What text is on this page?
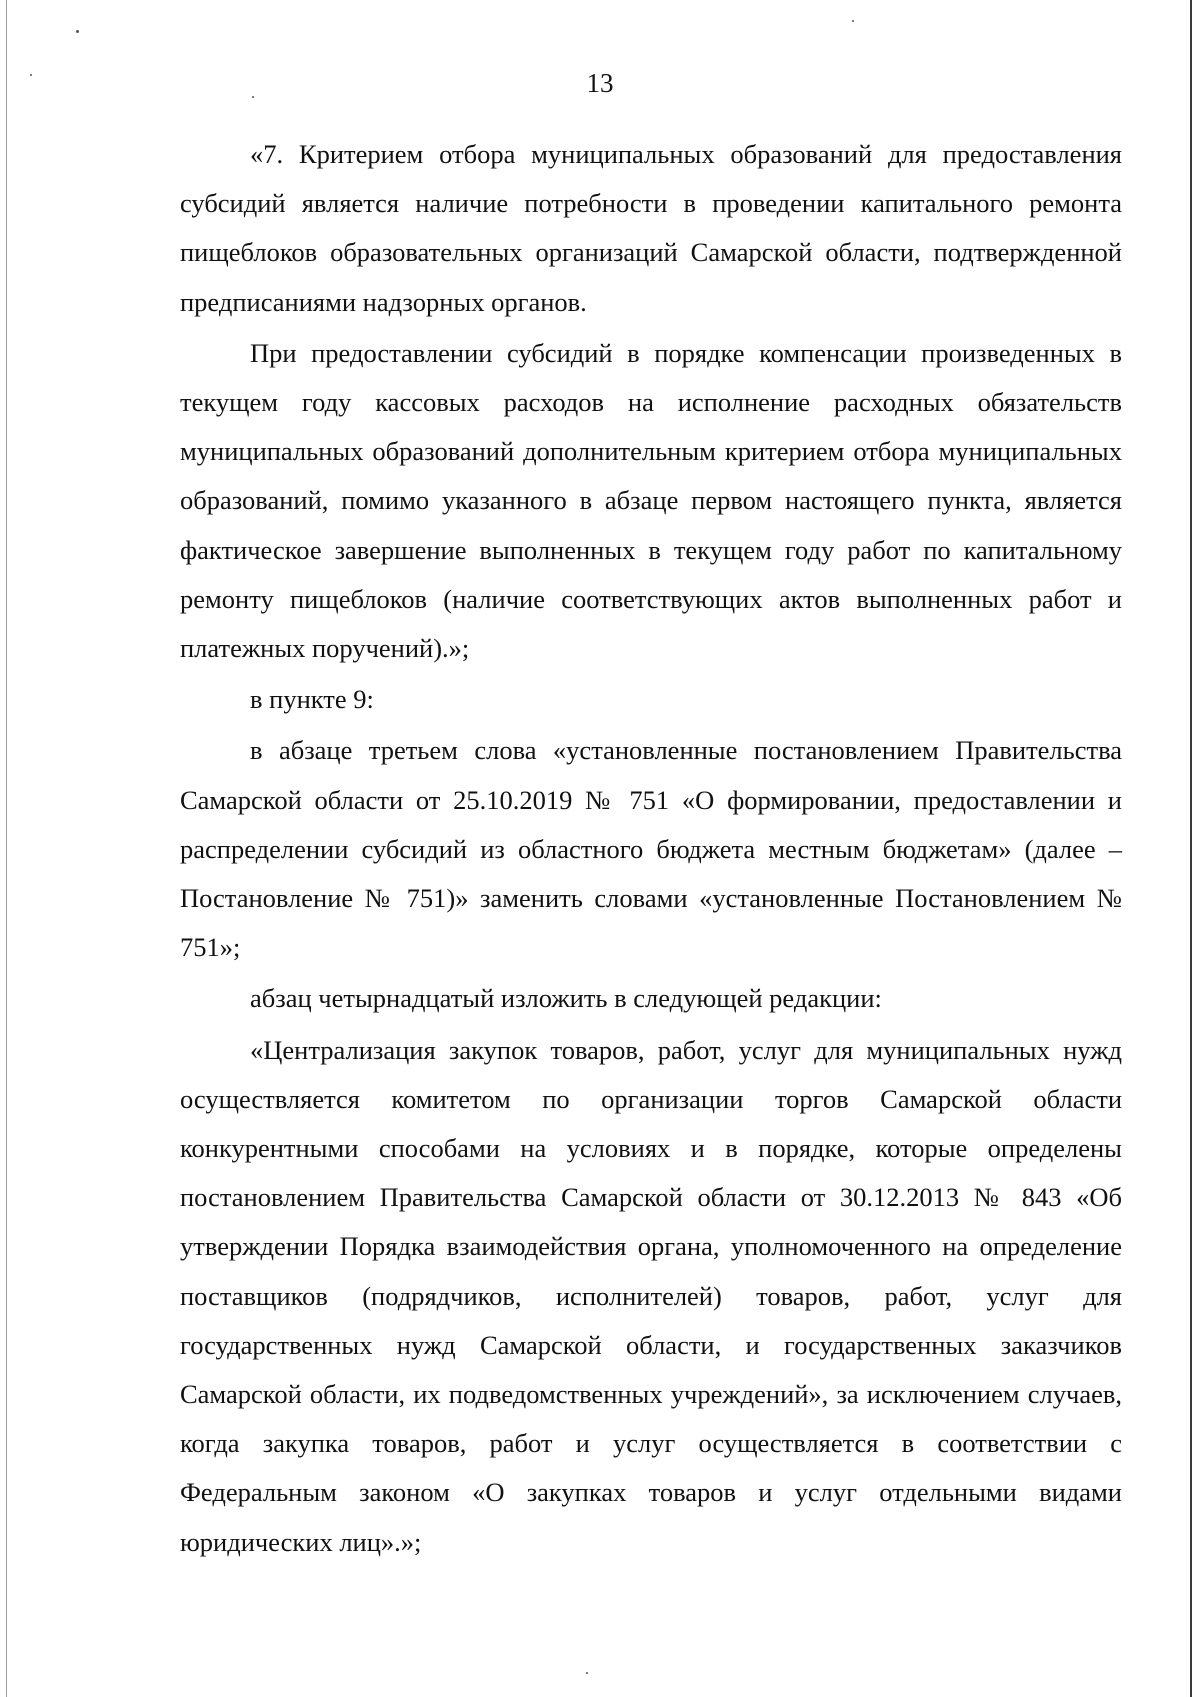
13

«7. Критерием отбора муниципальных образований для предоставления субсидий является наличие потребности в проведении капитального ремонта пищеблоков образовательных организаций Самарской области, подтвержденной предписаниями надзорных органов.

При предоставлении субсидий в порядке компенсации произведенных в текущем году кассовых расходов на исполнение расходных обязательств муниципальных образований дополнительным критерием отбора муниципальных образований, помимо указанного в абзаце первом настоящего пункта, является фактическое завершение выполненных в текущем году работ по капитальному ремонту пищеблоков (наличие соответствующих актов выполненных работ и платежных поручений).»;

в пункте 9:

в абзаце третьем слова «установленные постановлением Правительства Самарской области от 25.10.2019 № 751 «О формировании, предоставлении и распределении субсидий из областного бюджета местным бюджетам» (далее – Постановление № 751)» заменить словами «установленные Постановлением № 751»;

абзац четырнадцатый изложить в следующей редакции:

«Централизация закупок товаров, работ, услуг для муниципальных нужд осуществляется комитетом по организации торгов Самарской области конкурентными способами на условиях и в порядке, которые определены постановлением Правительства Самарской области от 30.12.2013 № 843 «Об утверждении Порядка взаимодействия органа, уполномоченного на определение поставщиков (подрядчиков, исполнителей) товаров, работ, услуг для государственных нужд Самарской области, и государственных заказчиков Самарской области, их подведомственных учреждений», за исключением случаев, когда закупка товаров, работ и услуг осуществляется в соответствии с Федеральным законом «О закупках товаров и услуг отдельными видами юридических лиц».»;
